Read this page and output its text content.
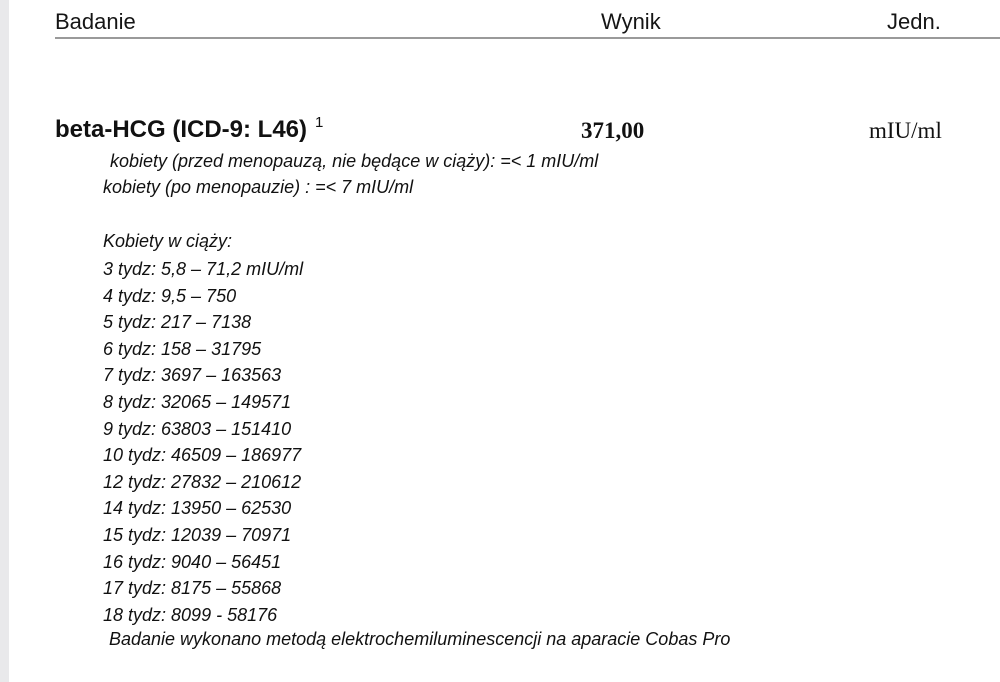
Badanie	Wynik	Jedn.
beta-HCG (ICD-9: L46) $^1$	371,00	mIU/ml
kobiety (przed menopauzą, nie będące w ciąży): =< 1 mIU/ml
kobiety (po menopauzie) : =< 7 mIU/ml
Kobiety w ciąży:
3 tydz: 5,8 – 71,2 mIU/ml
4 tydz: 9,5 – 750
5 tydz: 217 – 7138
6 tydz: 158 – 31795
7 tydz: 3697 – 163563
8 tydz: 32065 – 149571
9 tydz: 63803 – 151410
10 tydz: 46509 – 186977
12 tydz: 27832 – 210612
14 tydz: 13950 – 62530
15 tydz: 12039 – 70971
16 tydz: 9040 – 56451
17 tydz: 8175 – 55868
18 tydz: 8099 - 58176
Badanie wykonano metodą elektrochemiluminescencji na aparacie Cobas Pro
